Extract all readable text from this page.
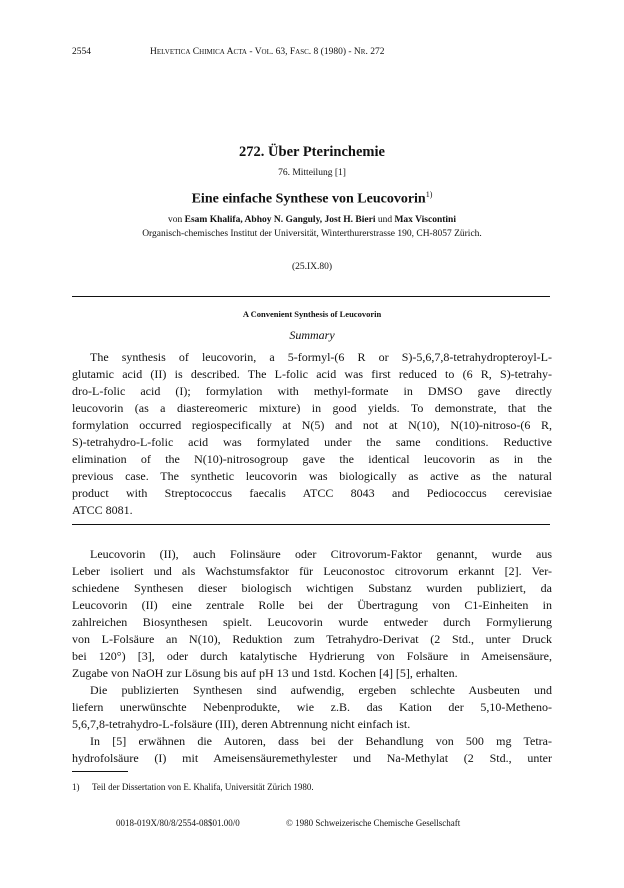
2554	Helvetica Chimica Acta - Vol. 63, Fasc. 8 (1980) - Nr. 272
272. Über Pterinchemie
76. Mitteilung [1]
Eine einfache Synthese von Leucovorin$^{1)}$
von Esam Khalifa, Abhoy N. Ganguly, Jost H. Bieri und Max Viscontini
Organisch-chemisches Institut der Universität, Winterthurerstrasse 190, CH-8057 Zürich.
(25.IX.80)
A Convenient Synthesis of Leucovorin
Summary
The synthesis of leucovorin, a 5-formyl-(6 R or S)-5,6,7,8-tetrahydropteroyl-L-
glutamic acid (II) is described. The L-folic acid was first reduced to (6 R, S)-tetrahy-
dro-L-folic acid (I); formylation with methyl-formate in DMSO gave directly
leucovorin (as a diastereomeric mixture) in good yields. To demonstrate, that the
formylation occurred regiospecifically at N(5) and not at N(10), N(10)-nitroso-(6 R,
S)-tetrahydro-L-folic acid was formylated under the same conditions. Reductive
elimination of the N(10)-nitrosogroup gave the identical leucovorin as in the
previous case. The synthetic leucovorin was biologically as active as the natural
product with Streptococcus faecalis ATCC 8043 and Pediococcus cerevisiae
ATCC 8081.
Leucovorin (II), auch Folinsäure oder Citrovorum-Faktor genannt, wurde aus
Leber isoliert und als Wachstumsfaktor für Leuconostoc citrovorum erkannt [2]. Ver-
schiedene Synthesen dieser biologisch wichtigen Substanz wurden publiziert, da
Leucovorin (II) eine zentrale Rolle bei der Übertragung von C1-Einheiten in
zahlreichen Biosynthesen spielt. Leucovorin wurde entweder durch Formylierung
von L-Folsäure an N(10), Reduktion zum Tetrahydro-Derivat (2 Std., unter Druck
bei 120°) [3], oder durch katalytische Hydrierung von Folsäure in Ameisensäure,
Zugabe von NaOH zur Lösung bis auf pH 13 und 1std. Kochen [4] [5], erhalten.
Die publizierten Synthesen sind aufwendig, ergeben schlechte Ausbeuten und
liefern unerwünschte Nebenprodukte, wie z.B. das Kation der 5,10-Metheno-
5,6,7,8-tetrahydro-L-folsäure (III), deren Abtrennung nicht einfach ist.
In [5] erwähnen die Autoren, dass bei der Behandlung von 500 mg Tetra-
hydrofolsäure (I) mit Ameisensäuremethylester und Na-Methylat (2 Std., unter
1) Teil der Dissertation von E. Khalifa, Universität Zürich 1980.
0018-019X/80/8/2554-08$01.00/0	© 1980 Schweizerische Chemische Gesellschaft
